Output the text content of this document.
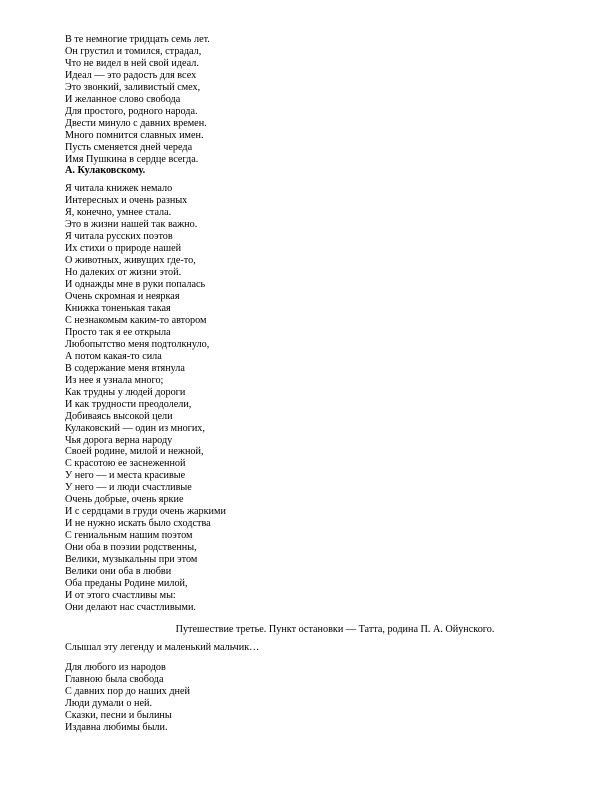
В те немногие тридцать семь лет.
Он грустил и томился, страдал,
Что не видел в ней свой идеал.
Идеал — это радость для всех
Это звонкий, заливистый смех,
И желанное слово свобода
Для простого, родного народа.
Двести минуло с давних времен.
Много помнится славных имен.
Пусть сменяется дней череда
Имя Пушкина в сердце всегда.
А. Кулаковскому.
Я читала книжек немало
Интересных и очень разных
Я, конечно, умнее стала.
Это в жизни нашей так важно.
Я читала русских поэтов
Их стихи о природе нашей
О животных, живущих где-то,
Но далеких от жизни этой.
И однажды мне в руки попалась
Очень скромная и неяркая
Книжка тоненькая такая
С незнакомым каким-то автором
Просто так я ее открыла
Любопытство меня подтолкнуло,
А потом какая-то сила
В содержание меня втянула
Из нее я узнала много;
Как трудны у людей дороги
И как трудности преодолели,
Добиваясь высокой цели
Кулаковский — один из многих,
Чья дорога верна народу
Своей родине, милой и нежной,
С красотою ее заснеженной
У него — и места красивые
У него — и люди счастливые
Очень добрые, очень яркие
И с сердцами в груди очень жаркими
И не нужно искать было сходства
С гениальным нашим поэтом
Они оба в поэзии родственны,
Велики, музыкальны при этом
Велики они оба в любви
Оба преданы Родине милой,
И от этого счастливы мы:
Они делают нас счастливыми.
Путешествие третье. Пункт остановки — Татта, родина П. А. Ойунского.
Слышал эту легенду и маленький мальчик…
Для любого из народов
Главною была свобода
С давних пор до наших дней
Люди думали о ней.
Сказки, песни и былины
Издавна любимы были.
